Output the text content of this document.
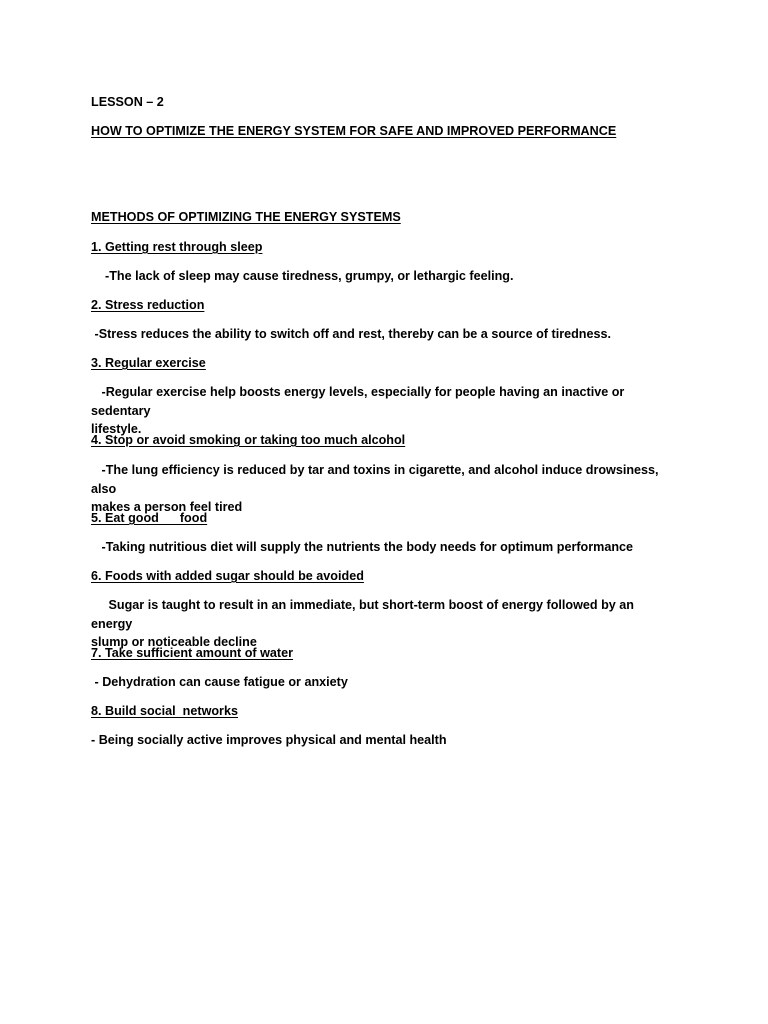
LESSON – 2

HOW TO OPTIMIZE THE ENERGY SYSTEM FOR SAFE AND IMPROVED PERFORMANCE

METHODS OF OPTIMIZING THE ENERGY SYSTEMS

1. Getting rest through sleep

-The lack of sleep may cause tiredness, grumpy, or lethargic feeling.

2. Stress reduction

-Stress reduces the ability to switch off and rest, thereby can be a source of tiredness.

3. Regular exercise

-Regular exercise help boosts energy levels, especially for people having an inactive or sedentary
lifestyle.

4. Stop or avoid smoking or taking too much alcohol

-The lung efficiency is reduced by tar and toxins in cigarette, and alcohol induce drowsiness, also
makes a person feel tired

5. Eat good      food

-Taking nutritious diet will supply the nutrients the body needs for optimum performance

6. Foods with added sugar should be avoided

Sugar is taught to result in an immediate, but short-term boost of energy followed by an energy
slump or noticeable decline

7. Take sufficient amount of water

- Dehydration can cause fatigue or anxiety

8. Build social  networks

- Being socially active improves physical and mental health
